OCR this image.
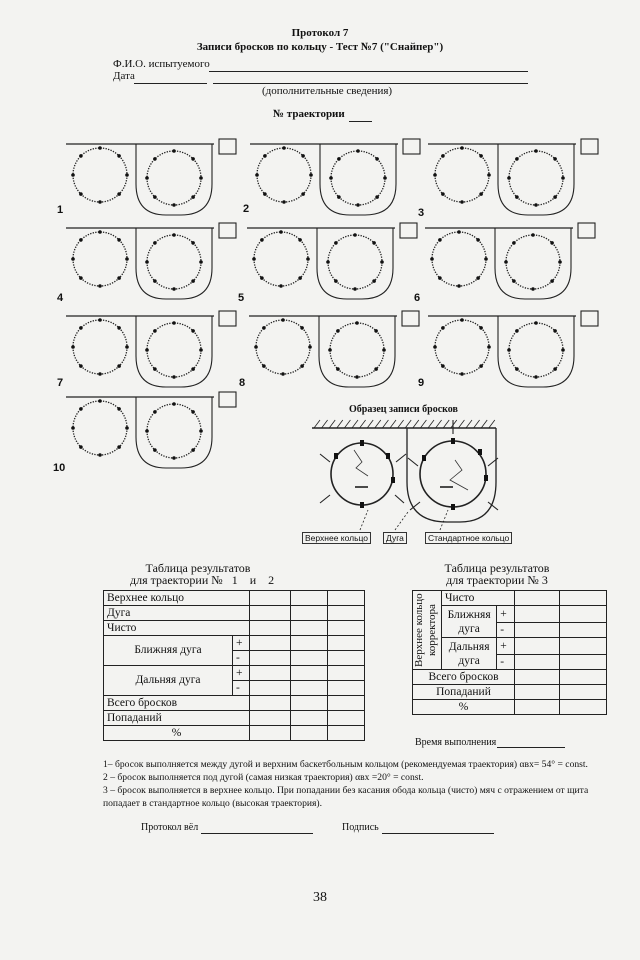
Протокол 7
Записи бросков по кольцу - Тест №7 ("Снайпер")
Ф.И.О. испытуемого
Дата
(дополнительные сведения)
№ траектории
1	2	3
4	5	6
7	8	9
10
Образец записи бросков
Верхнее кольцо	Дуга	Стандартное кольцо
Таблица результатов
для траектории №   1    и    2
Верхнее кольцо				
Дуга				
Чисто				
Ближняя дуга	+			
	-			
Дальняя дуга	+			
	-			
Всего бросков				
Попаданий				
%				
Таблица результатов
для траектории № 3
Верхнее кольцо корректора	Чисто			
	Ближняя дуга	+		
		-		
	Дальняя дуга	+		
		-		
Всего бросков				
Попаданий				
%				
Время выполнения
1– бросок выполняется между дугой и верхним баскетбольным кольцом (рекомендуемая траектория) αвх= 54° = const.
2 – бросок выполняется под дугой (самая низкая траектория) αвх =20° = const.
3 – бросок выполняется в верхнее кольцо. При попадании без касания обода кольца (чисто) мяч с отражением от щита
попадает в стандартное кольцо (высокая траектория).
Протокол вёл	Подпись
38
